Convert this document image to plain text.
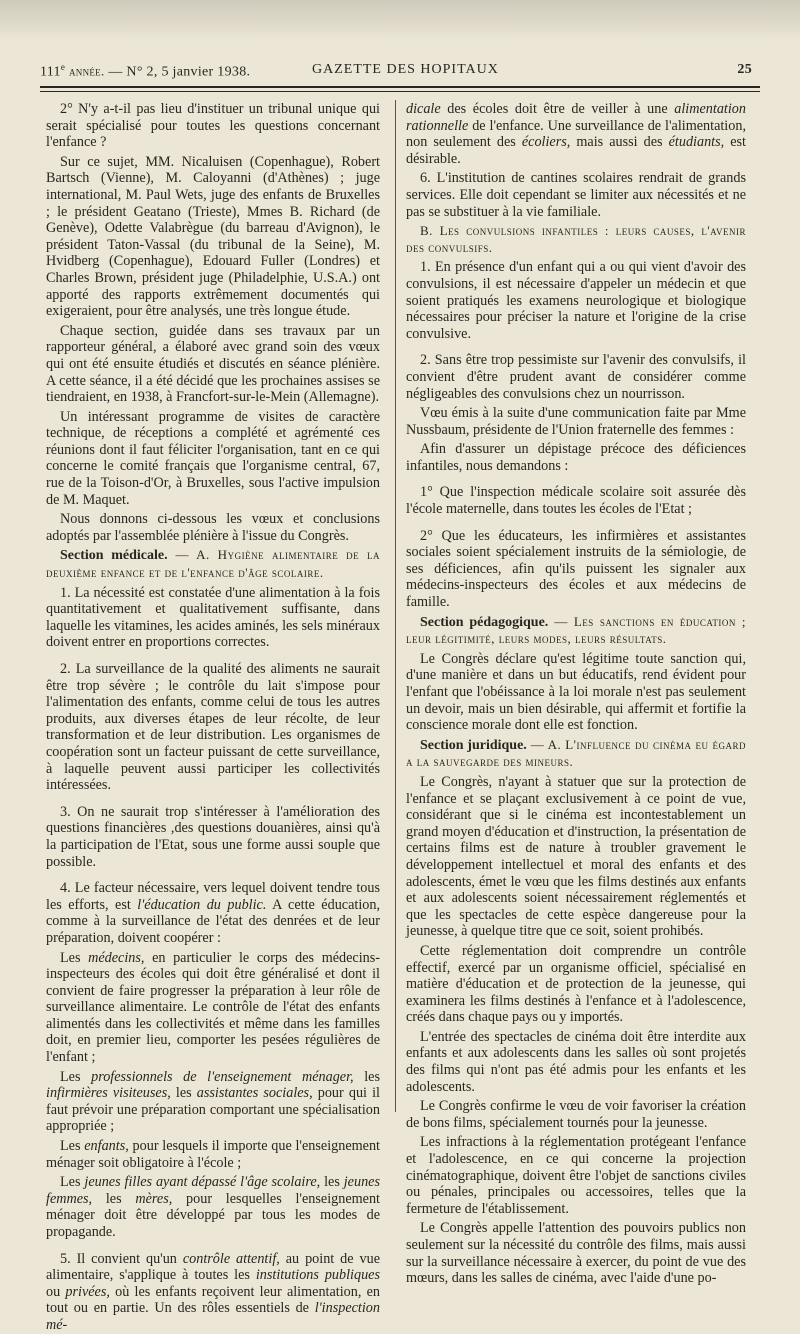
111e année. — N° 2, 5 janvier 1938.	GAZETTE DES HOPITAUX	25

2° N'y a-t-il pas lieu d'instituer un tribunal unique qui serait spécialisé pour toutes les questions concernant l'enfance ?

Sur ce sujet, MM. Nicaluisen (Copenhague), Robert Bartsch (Vienne), M. Caloyanni (d'Athènes) ; juge international, M. Paul Wets, juge des enfants de Bruxelles ; le président Geatano (Trieste), Mmes B. Richard (de Genève), Odette Valabrègue (du barreau d'Avignon), le président Taton-Vassal (du tribunal de la Seine), M. Hvidberg (Copenhague), Edouard Fuller (Londres) et Charles Brown, président juge (Philadelphie, U.S.A.) ont apporté des rapports extrêmement documentés qui exigeraient, pour être analysés, une très longue étude.

Chaque section, guidée dans ses travaux par un rapporteur général, a élaboré avec grand soin des vœux qui ont été ensuite étudiés et discutés en séance plénière. A cette séance, il a été décidé que les prochaines assises se tiendraient, en 1938, à Francfort-sur-le-Mein (Allemagne).

Un intéressant programme de visites de caractère technique, de réceptions a complété et agrémenté ces réunions dont il faut féliciter l'organisation, tant en ce qui concerne le comité français que l'organisme central, 67, rue de la Toison-d'Or, à Bruxelles, sous l'active impulsion de M. Maquet.

Nous donnons ci-dessous les vœux et conclusions adoptés par l'assemblée plénière à l'issue du Congrès.

Section médicale. — A. Hygiène alimentaire de la deuxième enfance et de l'enfance d'âge scolaire.

1. La nécessité est constatée d'une alimentation à la fois quantitativement et qualitativement suffisante, dans laquelle les vitamines, les acides aminés, les sels minéraux doivent entrer en proportions correctes.

2. La surveillance de la qualité des aliments ne saurait être trop sévère ; le contrôle du lait s'impose pour l'alimentation des enfants, comme celui de tous les autres produits, aux diverses étapes de leur récolte, de leur transformation et de leur distribution. Les organismes de coopération sont un facteur puissant de cette surveillance, à laquelle peuvent aussi participer les collectivités intéressées.

3. On ne saurait trop s'intéresser à l'amélioration des questions financières ,des questions douanières, ainsi qu'à la participation de l'Etat, sous une forme aussi souple que possible.

4. Le facteur nécessaire, vers lequel doivent tendre tous les efforts, est l'éducation du public. A cette éducation, comme à la surveillance de l'état des denrées et de leur préparation, doivent coopérer :

Les médecins, en particulier le corps des médecins-inspecteurs des écoles qui doit être généralisé et dont il convient de faire progresser la préparation à leur rôle de surveillance alimentaire. Le contrôle de l'état des enfants alimentés dans les collectivités et même dans les familles doit, en premier lieu, comporter les pesées régulières de l'enfant ;

Les professionnels de l'enseignement ménager, les infirmières visiteuses, les assistantes sociales, pour qui il faut prévoir une préparation comportant une spécialisation appropriée ;

Les enfants, pour lesquels il importe que l'enseignement ménager soit obligatoire à l'école ;

Les jeunes filles ayant dépassé l'âge scolaire, les jeunes femmes, les mères, pour lesquelles l'enseignement ménager doit être développé par tous les modes de propagande.

5. Il convient qu'un contrôle attentif, au point de vue alimentaire, s'applique à toutes les institutions publiques ou privées, où les enfants reçoivent leur alimentation, en tout ou en partie. Un des rôles essentiels de l'inspection mé-

dicale des écoles doit être de veiller à une alimentation rationnelle de l'enfance. Une surveillance de l'alimentation, non seulement des écoliers, mais aussi des étudiants, est désirable.

6. L'institution de cantines scolaires rendrait de grands services. Elle doit cependant se limiter aux nécessités et ne pas se substituer à la vie familiale.

B. Les convulsions infantiles : leurs causes, l'avenir des convulsifs.

1. En présence d'un enfant qui a ou qui vient d'avoir des convulsions, il est nécessaire d'appeler un médecin et que soient pratiqués les examens neurologique et biologique nécessaires pour préciser la nature et l'origine de la crise convulsive.

2. Sans être trop pessimiste sur l'avenir des convulsifs, il convient d'être prudent avant de considérer comme négligeables des convulsions chez un nourrisson.

Vœu émis à la suite d'une communication faite par Mme Nussbaum, présidente de l'Union fraternelle des femmes :

Afin d'assurer un dépistage précoce des déficiences infantiles, nous demandons :

1° Que l'inspection médicale scolaire soit assurée dès l'école maternelle, dans toutes les écoles de l'Etat ;

2° Que les éducateurs, les infirmières et assistantes sociales soient spécialement instruits de la sémiologie, de ses déficiences, afin qu'ils puissent les signaler aux médecins-inspecteurs des écoles et aux médecins de famille.

Section pédagogique. — Les sanctions en éducation ; leur légitimité, leurs modes, leurs résultats.

Le Congrès déclare qu'est légitime toute sanction qui, d'une manière et dans un but éducatifs, rend évident pour l'enfant que l'obéissance à la loi morale n'est pas seulement un devoir, mais un bien désirable, qui affermit et fortifie la conscience morale dont elle est fonction.

Section juridique. — A. L'influence du cinéma eu égard a la sauvegarde des mineurs.

Le Congrès, n'ayant à statuer que sur la protection de l'enfance et se plaçant exclusivement à ce point de vue, considérant que si le cinéma est incontestablement un grand moyen d'éducation et d'instruction, la présentation de certains films est de nature à troubler gravement le développement intellectuel et moral des enfants et des adolescents, émet le vœu que les films destinés aux enfants et aux adolescents soient nécessairement réglementés et que les spectacles de cette espèce dangereuse pour la jeunesse, à quelque titre que ce soit, soient prohibés.

Cette réglementation doit comprendre un contrôle effectif, exercé par un organisme officiel, spécialisé en matière d'éducation et de protection de la jeunesse, qui examinera les films destinés à l'enfance et à l'adolescence, créés dans chaque pays ou y importés.

L'entrée des spectacles de cinéma doit être interdite aux enfants et aux adolescents dans les salles où sont projetés des films qui n'ont pas été admis pour les enfants et les adolescents.

Le Congrès confirme le vœu de voir favoriser la création de bons films, spécialement tournés pour la jeunesse.

Les infractions à la réglementation protégeant l'enfance et l'adolescence, en ce qui concerne la projection cinématographique, doivent être l'objet de sanctions civiles ou pénales, principales ou accessoires, telles que la fermeture de l'établissement.

Le Congrès appelle l'attention des pouvoirs publics non seulement sur la nécessité du contrôle des films, mais aussi sur la surveillance nécessaire à exercer, du point de vue des mœurs, dans les salles de cinéma, avec l'aide d'une po-
